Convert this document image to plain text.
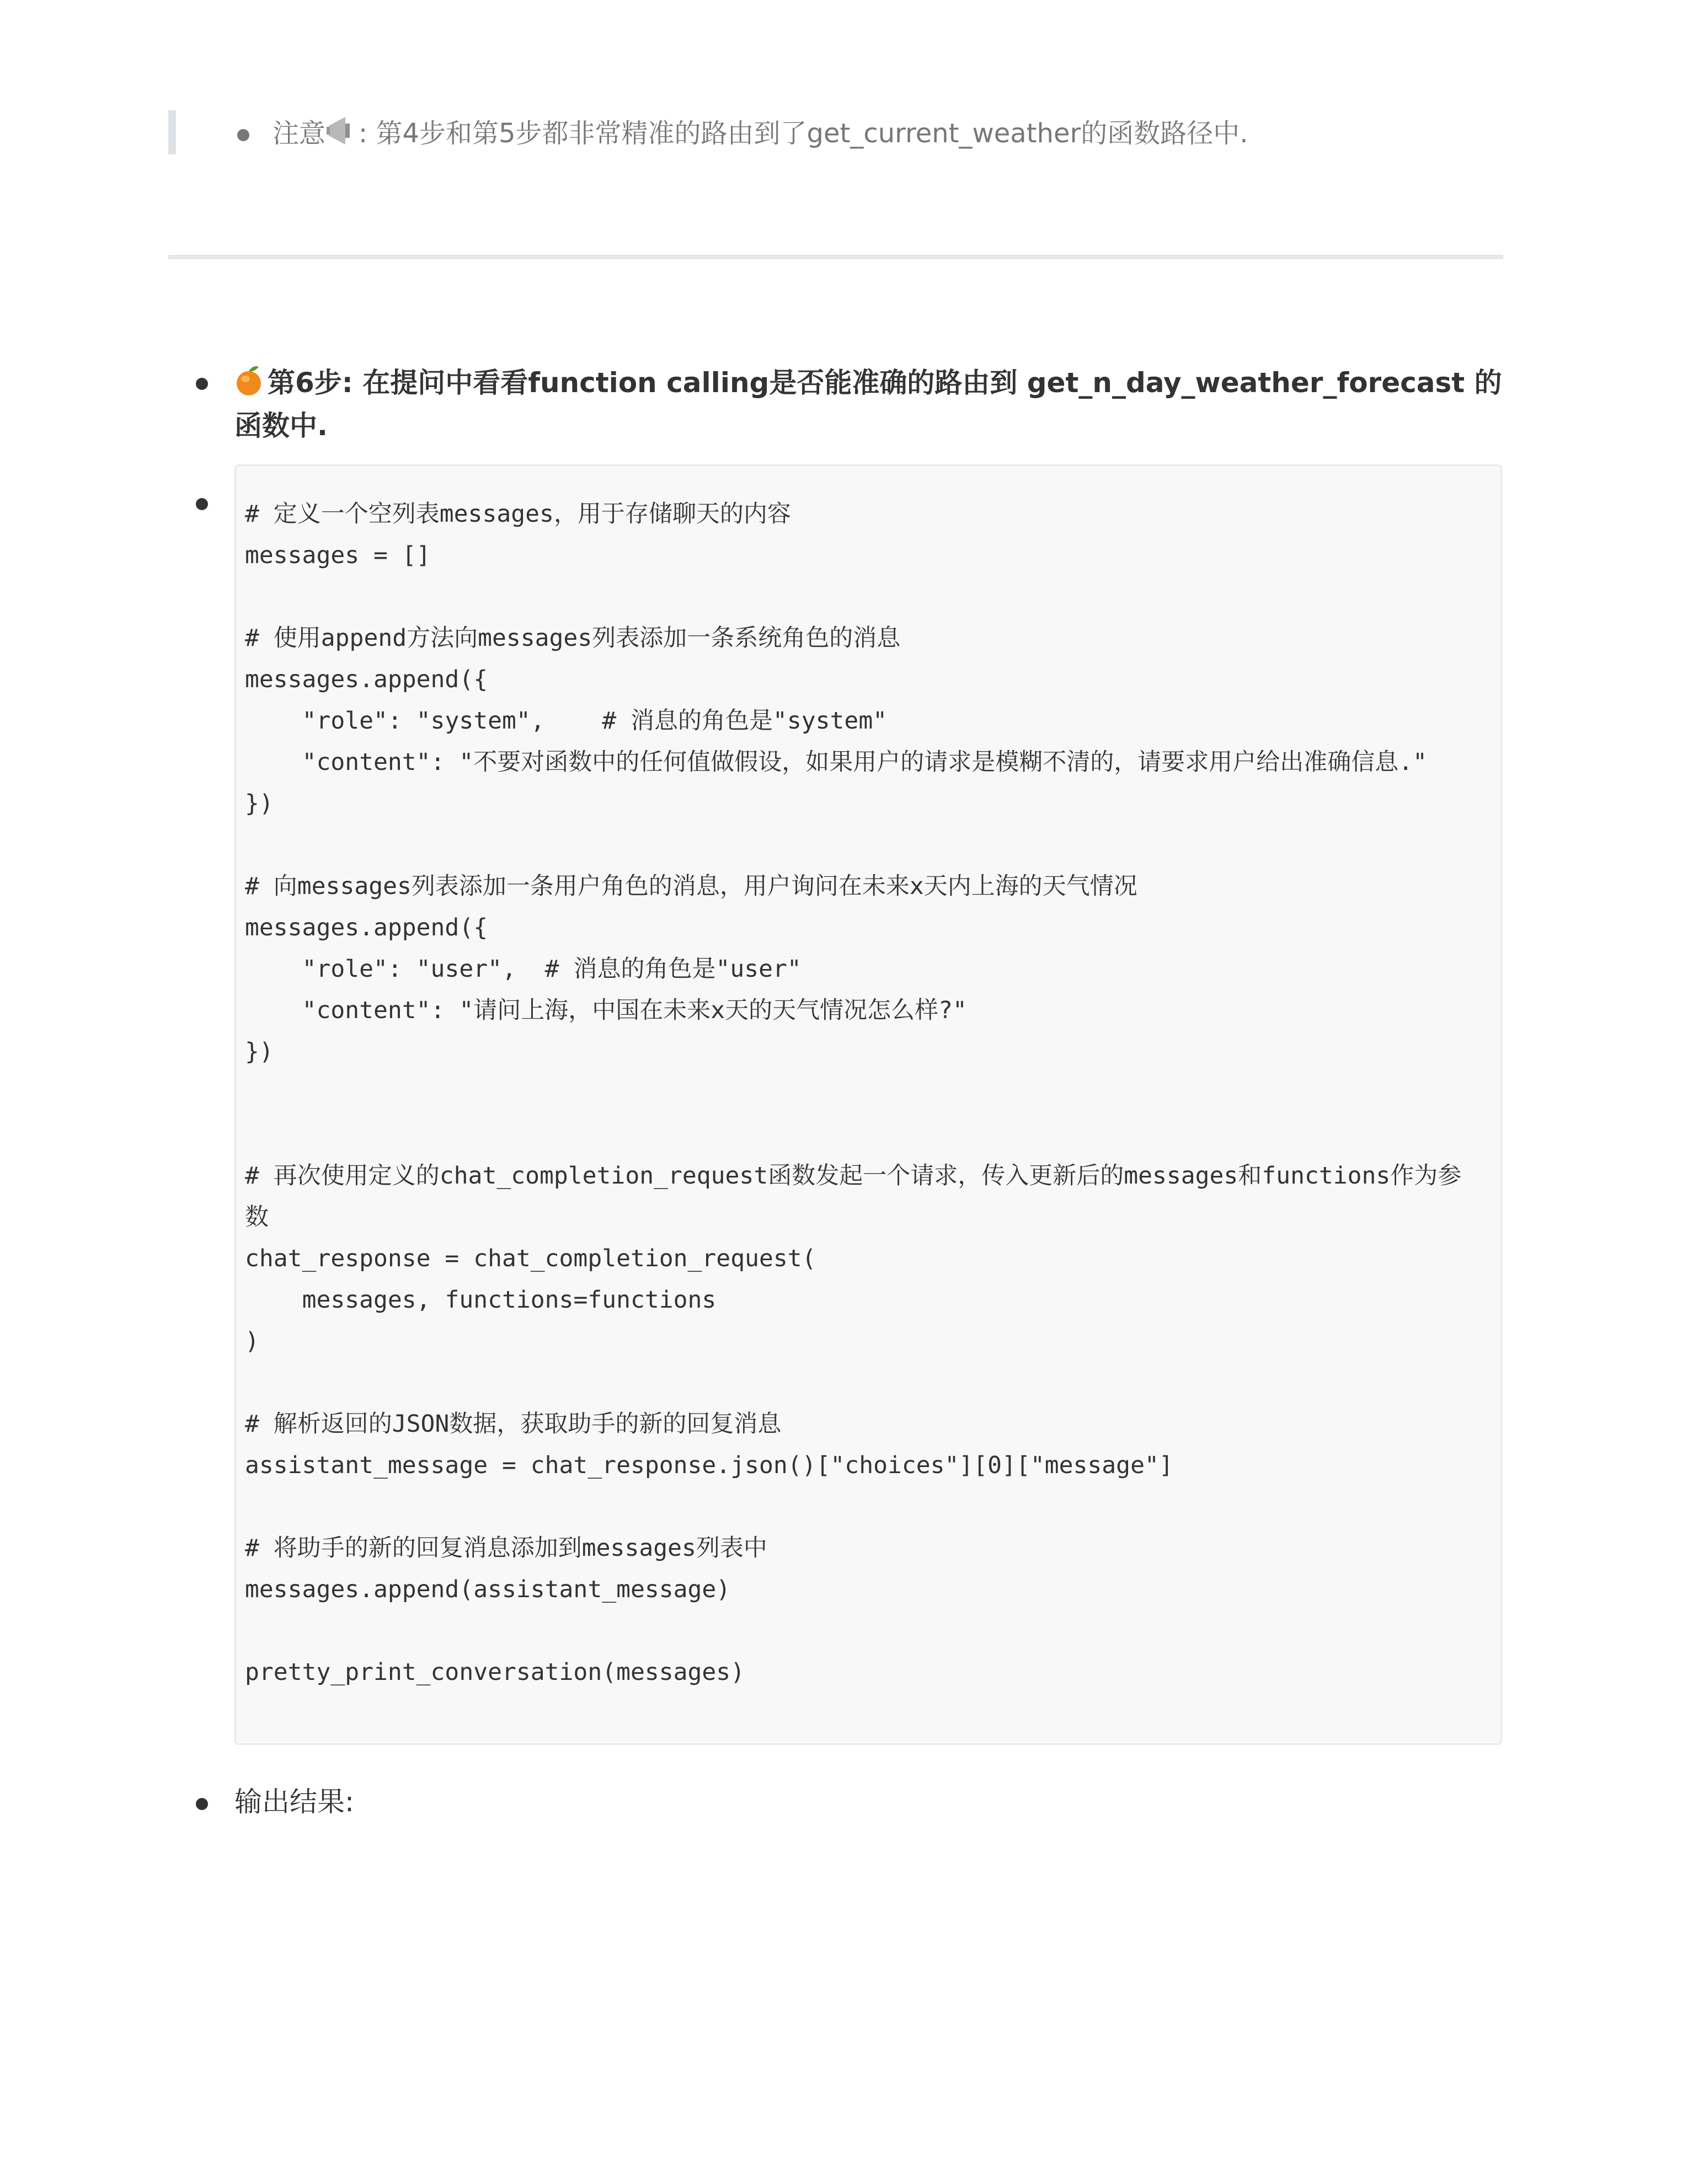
注意 : 第4步和第5步都非常精准的路由到了get_current_weather的函数路径中.
第6步: 在提问中看看function calling是否能准确的路由到 get_n_day_weather_forecast 的函数中.
# 定义一个空列表messages，用于存储聊天的内容
messages = []
# 使用append方法向messages列表添加一条系统角色的消息
messages.append({
"role": "system",    # 消息的角色是"system"
"content": "不要对函数中的任何值做假设，如果用户的请求是模糊不清的，请要求用户给出准确信息."
})
# 向messages列表添加一条用户角色的消息，用户询问在未来x天内上海的天气情况
messages.append({
"role": "user",  # 消息的角色是"user"
"content": "请问上海，中国在未来x天的天气情况怎么样?"
})
# 再次使用定义的chat_completion_request函数发起一个请求，传入更新后的messages和functions作为参数
chat_response = chat_completion_request(
messages, functions=functions
)
# 解析返回的JSON数据，获取助手的新的回复消息
assistant_message = chat_response.json()["choices"][0]["message"]
# 将助手的新的回复消息添加到messages列表中
messages.append(assistant_message)
pretty_print_conversation(messages)
输出结果:
